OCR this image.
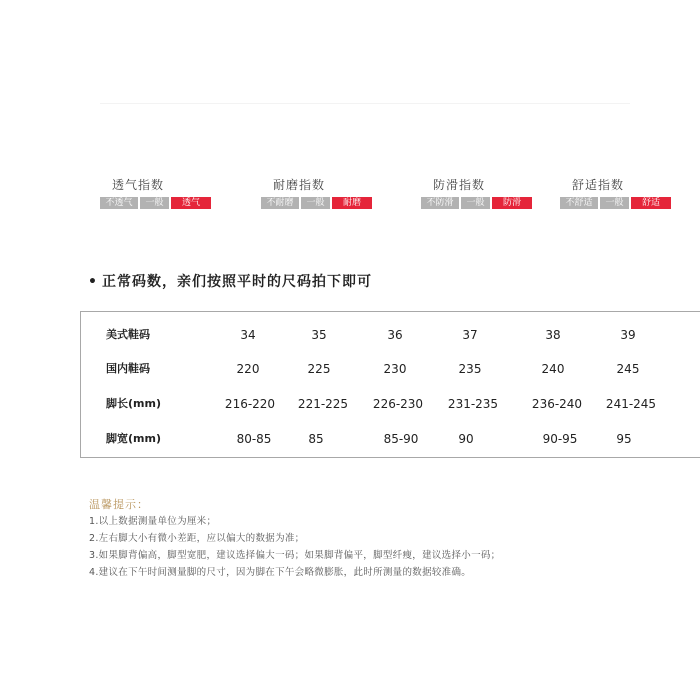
透气指数
不透气	一般	透气
耐磨指数
不耐磨	一般	耐磨
防滑指数
不防滑	一般	防滑
舒适指数
不舒适	一般	舒适
• 正常码数，亲们按照平时的尺码拍下即可
美式鞋码	34	35	36	37	38	39
国内鞋码	220	225	230	235	240	245
脚长(mm)	216-220 221-225 226-230 231-235	236-240 241-245
脚宽(mm)	80-85	85	85-90	90	90-95	95
温馨提示：
1.以上数据测量单位为厘米；
2.左右脚大小有微小差距，应以偏大的数据为准；
3.如果脚背偏高，脚型宽肥，建议选择偏大一码；如果脚背偏平，脚型纤瘦，建议选择小一码；
4.建议在下午时间测量脚的尺寸，因为脚在下午会略微膨胀，此时所测量的数据较准确。
